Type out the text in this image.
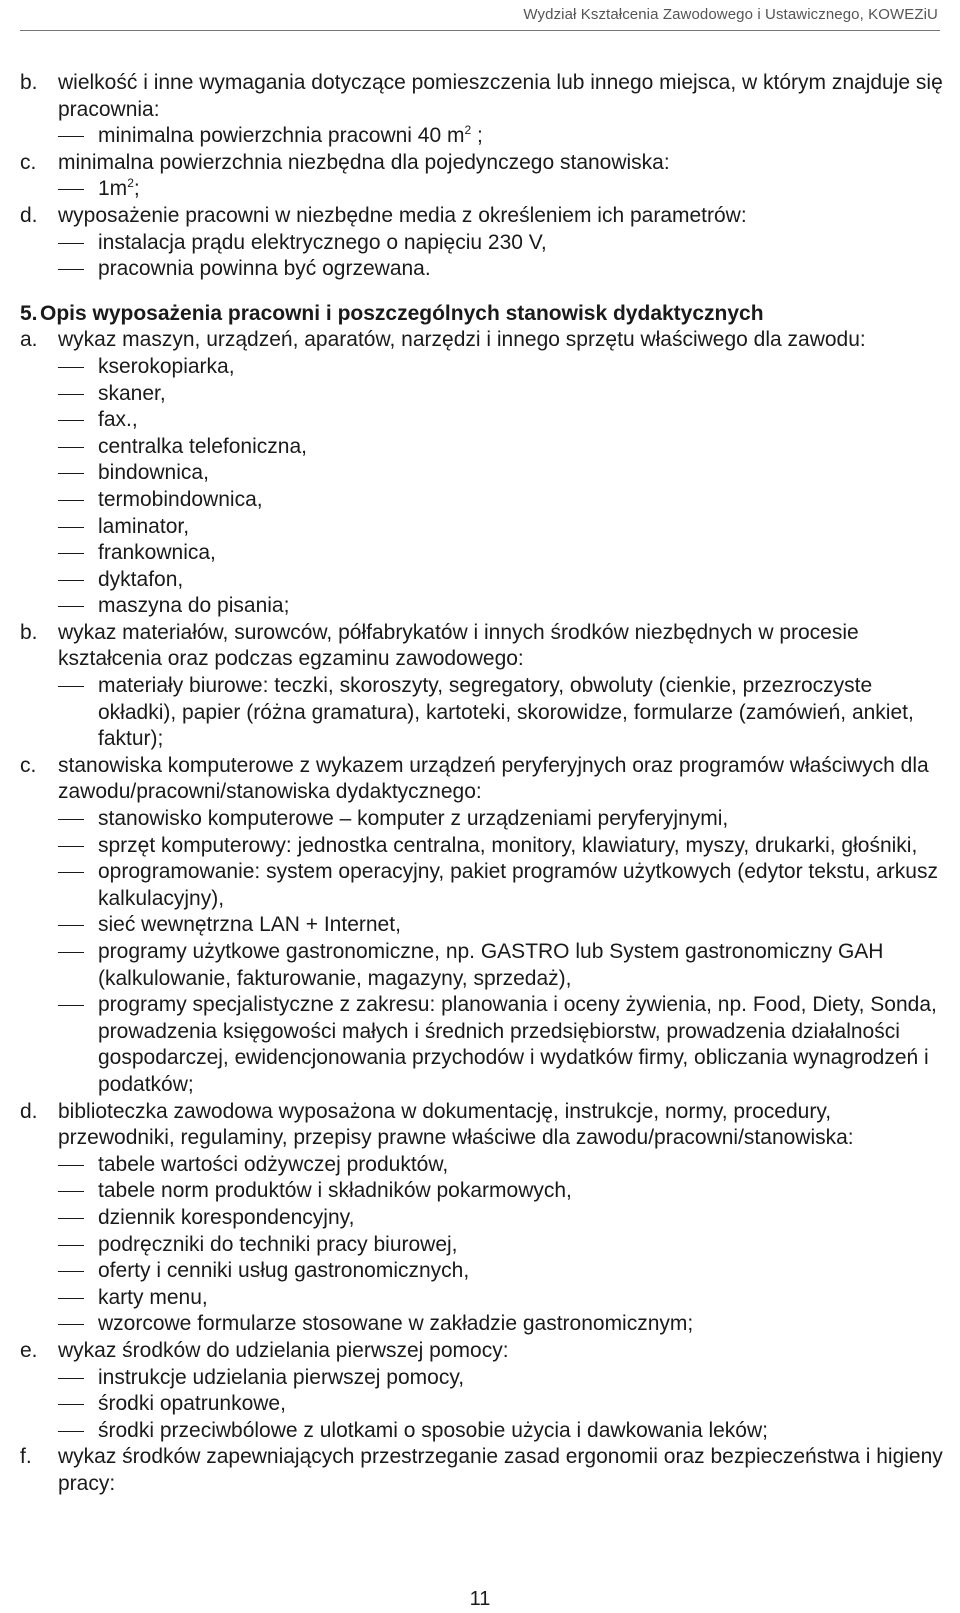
Wydział Kształcenia Zawodowego i Ustawicznego, KOWEZiU
b. wielkość i inne wymagania dotyczące pomieszczenia lub innego miejsca, w którym znajduje się pracownia:
minimalna powierzchnia pracowni 40 $m^2$ ;
c.	minimalna powierzchnia niezbędna dla pojedynczego stanowiska:
$1m^2$;
d. wyposażenie pracowni w niezbędne media z określeniem ich parametrów:
instalacja prądu elektrycznego o napięciu 230 V,
pracownia powinna być ogrzewana.
5. Opis wyposażenia pracowni i poszczególnych stanowisk dydaktycznych
a. wykaz maszyn, urządzeń, aparatów, narzędzi i innego sprzętu właściwego dla zawodu:
kserokopiarka,
skaner,
fax.,
centralka telefoniczna,
bindownica,
termobindownica,
laminator,
frankownica,
dyktafon,
maszyna do pisania;
b. wykaz materiałów, surowców, półfabrykatów i innych środków niezbędnych w procesie kształcenia oraz podczas egzaminu zawodowego:
materiały biurowe: teczki, skoroszyty, segregatory, obwoluty (cienkie, przezroczyste okładki), papier (różna gramatura), kartoteki, skorowidze, formularze (zamówień, ankiet, faktur);
c.	stanowiska komputerowe z wykazem urządzeń peryferyjnych oraz programów właściwych dla zawodu/pracowni/stanowiska dydaktycznego:
stanowisko komputerowe – komputer z urządzeniami peryferyjnymi,
sprzęt komputerowy: jednostka centralna, monitory, klawiatury, myszy, drukarki, głośniki,
oprogramowanie: system operacyjny, pakiet programów użytkowych (edytor tekstu, arkusz kalkulacyjny),
sieć wewnętrzna LAN + Internet,
programy użytkowe gastronomiczne, np. GASTRO lub System gastronomiczny GAH (kalkulowanie, fakturowanie, magazyny, sprzedaż),
programy specjalistyczne z zakresu: planowania i oceny żywienia, np. Food, Diety, Sonda, prowadzenia księgowości małych i średnich przedsiębiorstw, prowadzenia działalności gospodarczej, ewidencjonowania przychodów i wydatków firmy, obliczania wynagrodzeń i podatków;
d. biblioteczka zawodowa wyposażona w dokumentację, instrukcje, normy, procedury, przewodniki, regulaminy, przepisy prawne właściwe dla zawodu/pracowni/stanowiska:
tabele wartości odżywczej produktów,
tabele norm produktów i składników pokarmowych,
dziennik korespondencyjny,
podręczniki do techniki pracy biurowej,
oferty i cenniki usług gastronomicznych,
karty menu,
wzorcowe formularze stosowane w zakładzie gastronomicznym;
e. wykaz środków do udzielania pierwszej pomocy:
instrukcje udzielania pierwszej pomocy,
środki opatrunkowe,
środki przeciwbólowe z ulotkami o sposobie użycia i dawkowania leków;
f.	wykaz środków zapewniających przestrzeganie zasad ergonomii oraz bezpieczeństwa i higieny pracy:
11
